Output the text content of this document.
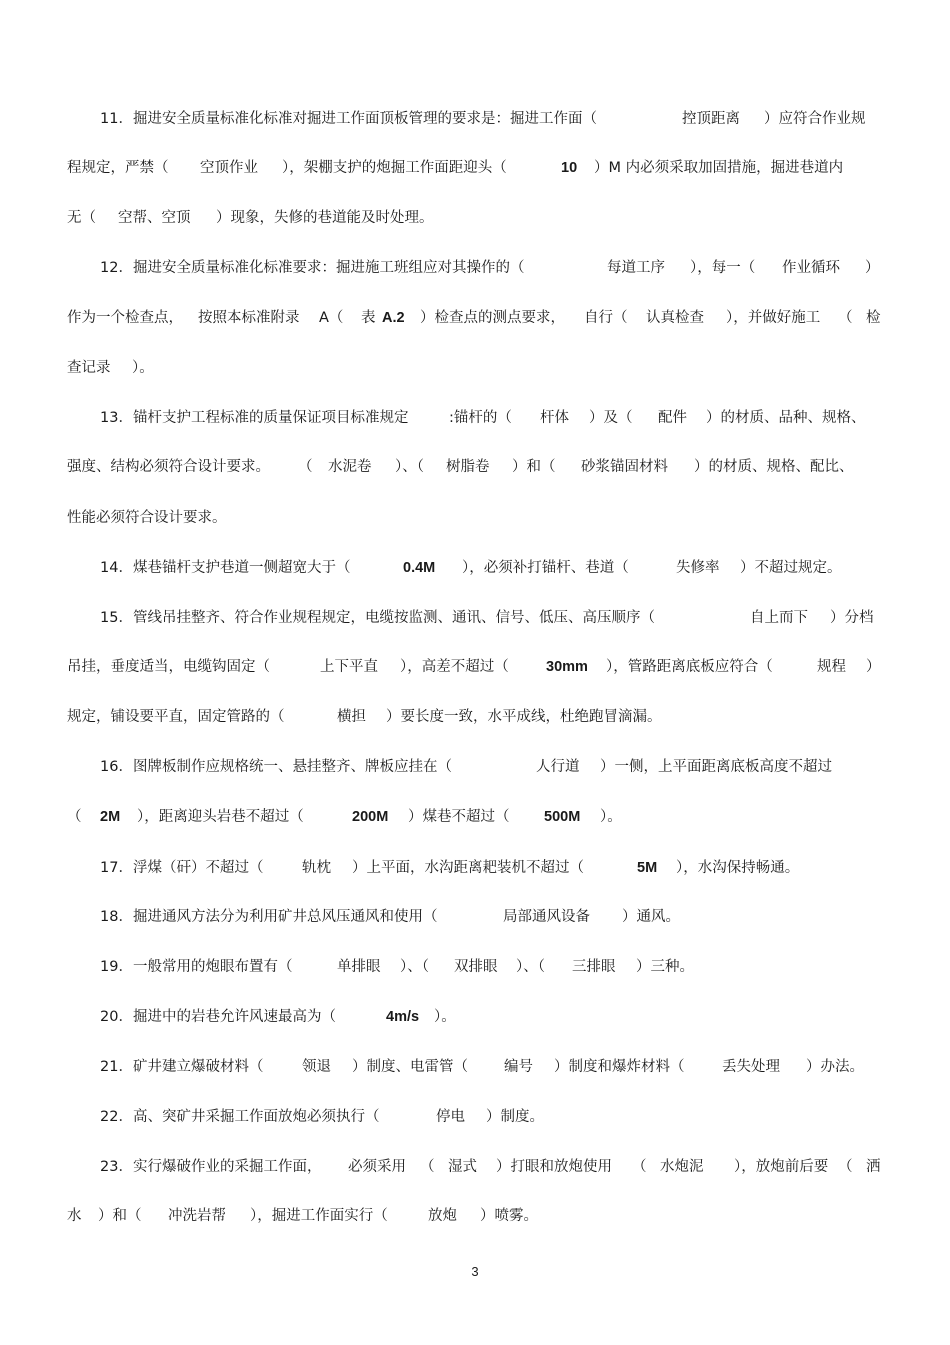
11．掘进安全质量标准化标准对掘进工作面顶板管理的要求是：掘进工作面（	控顶距离 ）应符合作业规
程规定，严禁（ 空顶作业 ），架棚支护的炮掘工作面距迎头（	10 ）M 内必须采取加固措施，掘进巷道内
无（ 空帮、空顶 ）现象，失修的巷道能及时处理。
12．掘进安全质量标准化标准要求：掘进施工班组应对其操作的（	每道工序 ），每一（ 作业循环 ）
作为一个检查点， 按照本标准附录 A（ 表 A.2 ）检查点的测点要求， 自行（ 认真检查 ），并做好施工 （ 检
查记录 ）。
13．锚杆支护工程标准的质量保证项目标准规定	:锚杆的（ 杆体 ）及（ 配件 ）的材质、品种、规格、
强度、结构必须符合设计要求。 （ 水泥卷 ）、（ 树脂卷 ）和（ 砂浆锚固材料 ）的材质、规格、配比、
性能必须符合设计要求。
14．煤巷锚杆支护巷道一侧超宽大于（	0.4M ），必须补打锚杆、巷道（	失修率 ）不超过规定。
15．管线吊挂整齐、符合作业规程规定，电缆按监测、通讯、信号、低压、高压顺序（	自上而下 ）分档
吊挂，垂度适当，电缆钩固定（	上下平直 ），高差不超过（	30mm ），管路距离底板应符合（	规程 ）
规定，铺设要平直，固定管路的（	横担 ）要长度一致，水平成线，杜绝跑冒滴漏。
16．图牌板制作应规格统一、悬挂整齐、牌板应挂在（	人行道 ）一侧，上平面距离底板高度不超过
（ 2M ），距离迎头岩巷不超过（	200M ）煤巷不超过（ 500M ）。
17．浮煤（矸）不超过（	轨枕 ）上平面，水沟距离耙装机不超过（	5M ），水沟保持畅通。
18．掘进通风方法分为利用矿井总风压通风和使用（	局部通风设备 ）通风。
19．一般常用的炮眼布置有（	单排眼 ）、（ 双排眼 ）、（ 三排眼 ）三种。
20．掘进中的岩巷允许风速最高为（	4m/s ）。
21．矿井建立爆破材料（	领退 ）制度、电雷管（ 编号 ）制度和爆炸材料（	丢失处理 ）办法。
22．高、突矿井采掘工作面放炮必须执行（	停电 ）制度。
23．实行爆破作业的采掘工作面， 必须采用 （ 湿式 ）打眼和放炮使用 （ 水炮泥 ），放炮前后要 （ 洒
水 ）和（ 冲洗岩帮 ），掘进工作面实行（	放炮 ）喷雾。
3
